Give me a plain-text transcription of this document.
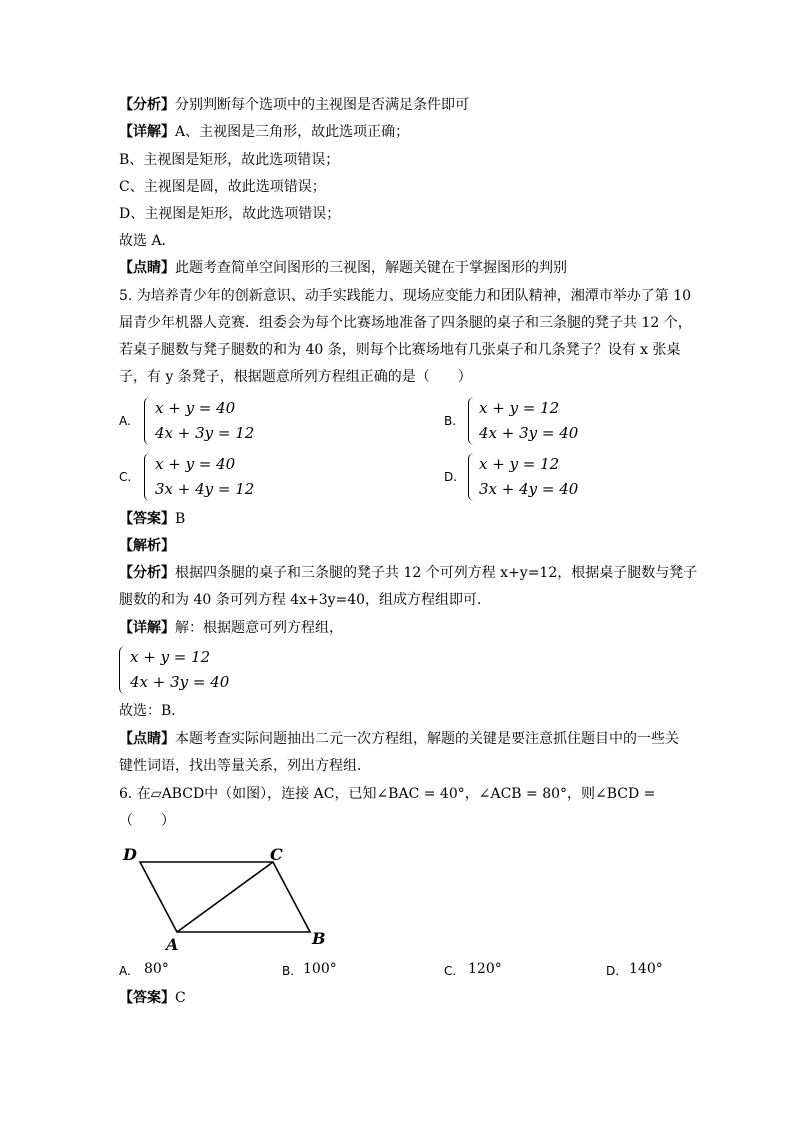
【分析】分别判断每个选项中的主视图是否满足条件即可
【详解】A、主视图是三角形，故此选项正确；
B、主视图是矩形，故此选项错误；
C、主视图是圆，故此选项错误；
D、主视图是矩形，故此选项错误；
故选 A．
【点睛】此题考查简单空间图形的三视图，解题关键在于掌握图形的判别
5. 为培养青少年的创新意识、动手实践能力、现场应变能力和团队精神，湘潭市举办了第 10
届青少年机器人竞赛．组委会为每个比赛场地准备了四条腿的桌子和三条腿的凳子共 12 个，
若桌子腿数与凳子腿数的和为 40 条，则每个比赛场地有几张桌子和几条凳子？设有 x 张桌
子，有 y 条凳子，根据题意所列方程组正确的是（　　）
A.
x + y = 40
4x + 3y = 12
B.
x + y = 12
4x + 3y = 40
C.
x + y = 40
3x + 4y = 12
D.
x + y = 12
3x + 4y = 40
【答案】B
【解析】
【分析】根据四条腿的桌子和三条腿的凳子共 12 个可列方程 x+y=12，根据桌子腿数与凳子
腿数的和为 40 条可列方程 4x+3y=40，组成方程组即可．
【详解】解：根据题意可列方程组，
x + y = 12
4x + 3y = 40
故选：B．
【点睛】本题考查实际问题抽出二元一次方程组，解题的关键是要注意抓住题目中的一些关
键性词语，找出等量关系，列出方程组．
6. 在▱ABCD中（如图），连接 AC，已知∠BAC = 40°，∠ACB = 80°，则∠BCD =
（　　）
D	C
A	B
A. 80°	B. 100°	C. 120°	D. 140°
【答案】C
